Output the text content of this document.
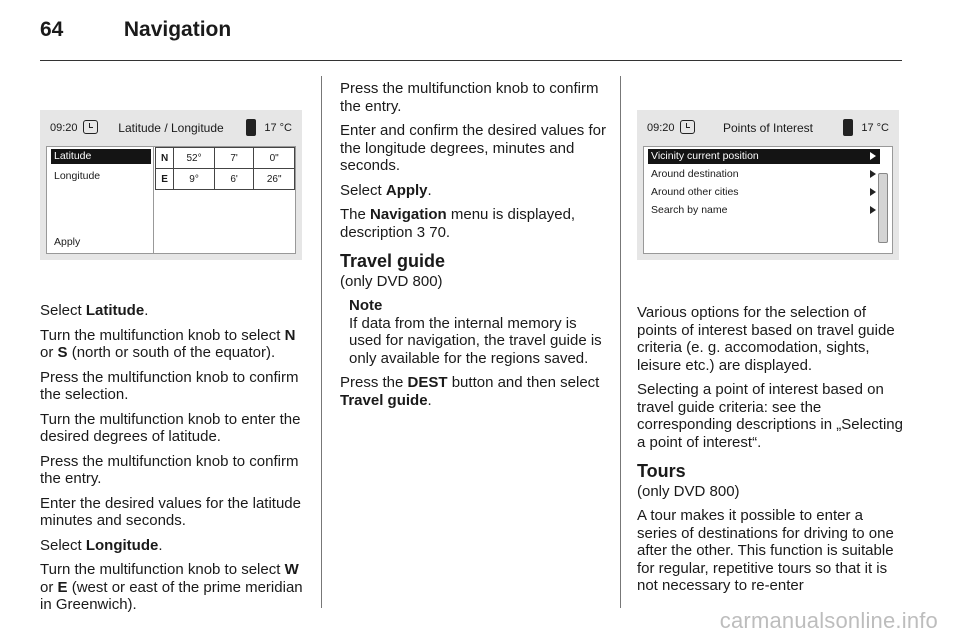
64	Navigation
09:20	Latitude / Longitude	17 °C
Latitude
Longitude
Apply
N	52°	7'	0"
E	9°	6'	26"

Select Latitude.

Turn the multifunction knob to select N or S (north or south of the equator).

Press the multifunction knob to confirm the selection.

Turn the multifunction knob to enter the desired degrees of latitude.

Press the multifunction knob to confirm the entry.

Enter the desired values for the latitude minutes and seconds.

Select Longitude.

Turn the multifunction knob to select W or E (west or east of the prime meridian in Greenwich).

Press the multifunction knob to confirm the entry.

Enter and confirm the desired values for the longitude degrees, minutes and seconds.

Select Apply.

The Navigation menu is displayed, description 3 70.

Travel guide

(only DVD 800)

Note

If data from the internal memory is used for navigation, the travel guide is only available for the regions saved.

Press the DEST button and then select Travel guide.

09:20	Points of Interest	17 °C
Vicinity current position
Around destination
Around other cities
Search by name

Various options for the selection of points of interest based on travel guide criteria (e. g. accomodation, sights, leisure etc.) are displayed.

Selecting a point of interest based on travel guide criteria: see the corresponding descriptions in „Selecting a point of interest“.

Tours

(only DVD 800)

A tour makes it possible to enter a series of destinations for driving to one after the other. This function is suitable for regular, repetitive tours so that it is not necessary to re-enter

carmanualsonline.info
